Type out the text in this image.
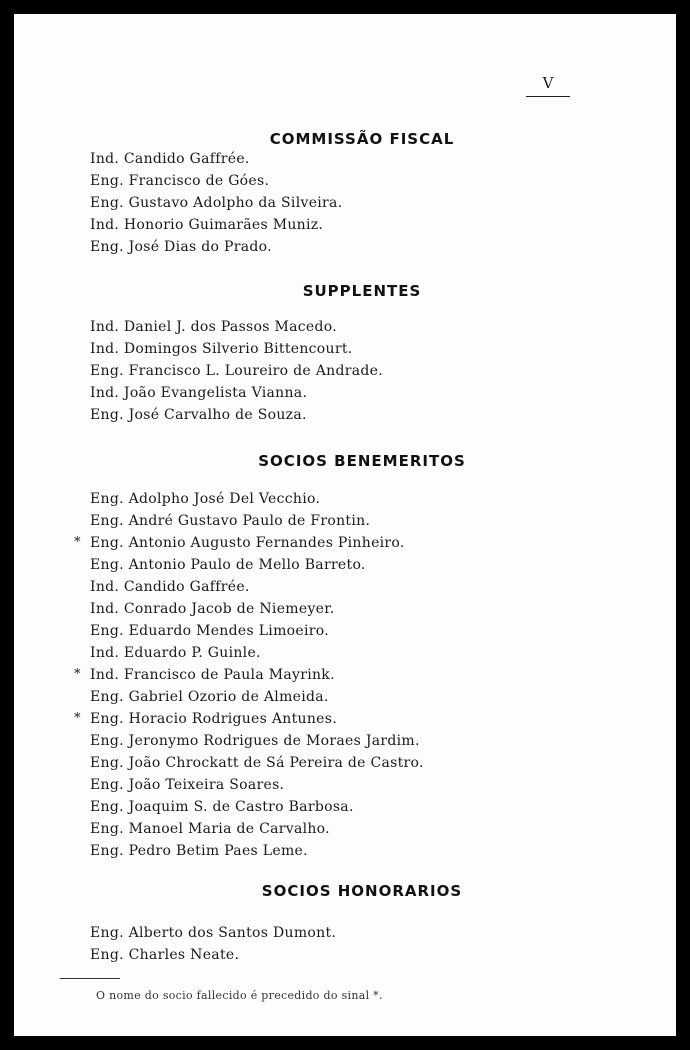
V
COMMISSÃO FISCAL
Ind. Candido Gaffrée.
Eng. Francisco de Góes.
Eng. Gustavo Adolpho da Silveira.
Ind. Honorio Guimarães Muniz.
Eng. José Dias do Prado.
SUPPLENTES
Ind. Daniel J. dos Passos Macedo.
Ind. Domingos Silverio Bittencourt.
Eng. Francisco L. Loureiro de Andrade.
Ind. João Evangelista Vianna.
Eng. José Carvalho de Souza.
SOCIOS BENEMERITOS
Eng. Adolpho José Del Vecchio.
Eng. André Gustavo Paulo de Frontin.
* Eng. Antonio Augusto Fernandes Pinheiro.
Eng. Antonio Paulo de Mello Barreto.
Ind. Candido Gaffrée.
Ind. Conrado Jacob de Niemeyer.
Eng. Eduardo Mendes Limoeiro.
Ind. Eduardo P. Guinle.
* Ind. Francisco de Paula Mayrink.
Eng. Gabriel Ozorio de Almeida.
* Eng. Horacio Rodrigues Antunes.
Eng. Jeronymo Rodrigues de Moraes Jardim.
Eng. João Chrockatt de Sá Pereira de Castro.
Eng. João Teixeira Soares.
Eng. Joaquim S. de Castro Barbosa.
Eng. Manoel Maria de Carvalho.
Eng. Pedro Betim Paes Leme.
SOCIOS HONORARIOS
Eng. Alberto dos Santos Dumont.
Eng. Charles Neate.
O nome do socio fallecido é precedido do sinal *.
